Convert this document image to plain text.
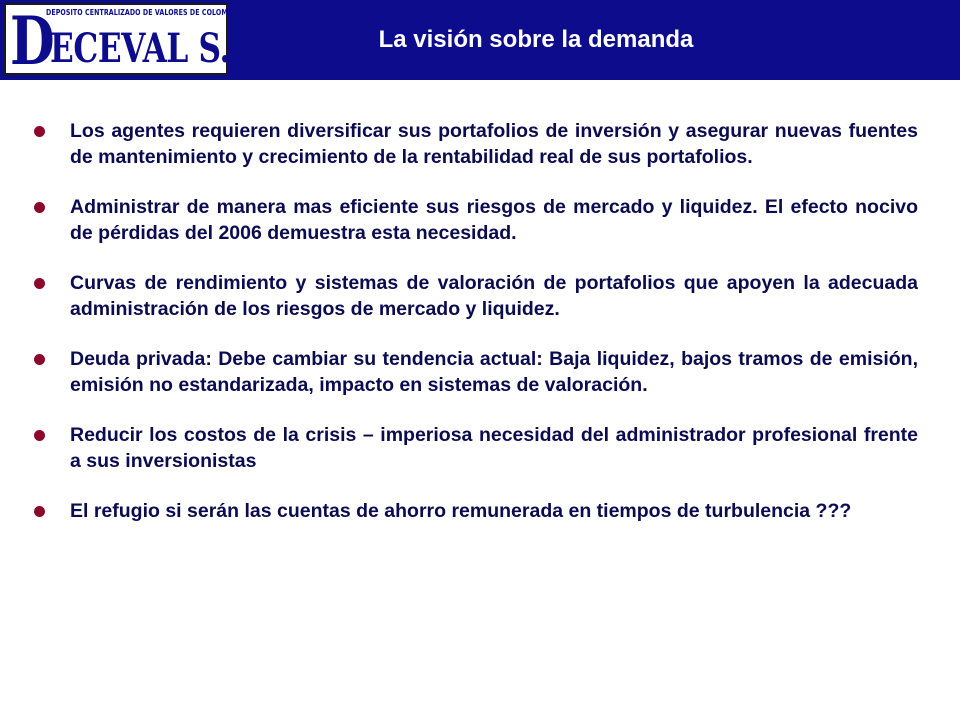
DEPOSITO CENTRALIZADO DE VALORES DE COLOMBIA
D
ECEVAL S.A.	La visión sobre la demanda
Los agentes requieren diversificar sus portafolios de inversión y asegurar nuevas fuentes de mantenimiento y crecimiento de la rentabilidad real de sus portafolios.
Administrar de manera mas eficiente sus riesgos de mercado y liquidez. El efecto nocivo de pérdidas del 2006 demuestra esta necesidad.
Curvas de rendimiento y sistemas de valoración de portafolios que apoyen la adecuada administración de los riesgos de mercado y liquidez.
Deuda privada: Debe cambiar su tendencia actual: Baja liquidez, bajos tramos de emisión, emisión no estandarizada, impacto en sistemas de valoración.
Reducir los costos de la crisis – imperiosa necesidad del administrador profesional frente a sus inversionistas
El refugio si serán las cuentas de ahorro remunerada en tiempos de turbulencia ???
